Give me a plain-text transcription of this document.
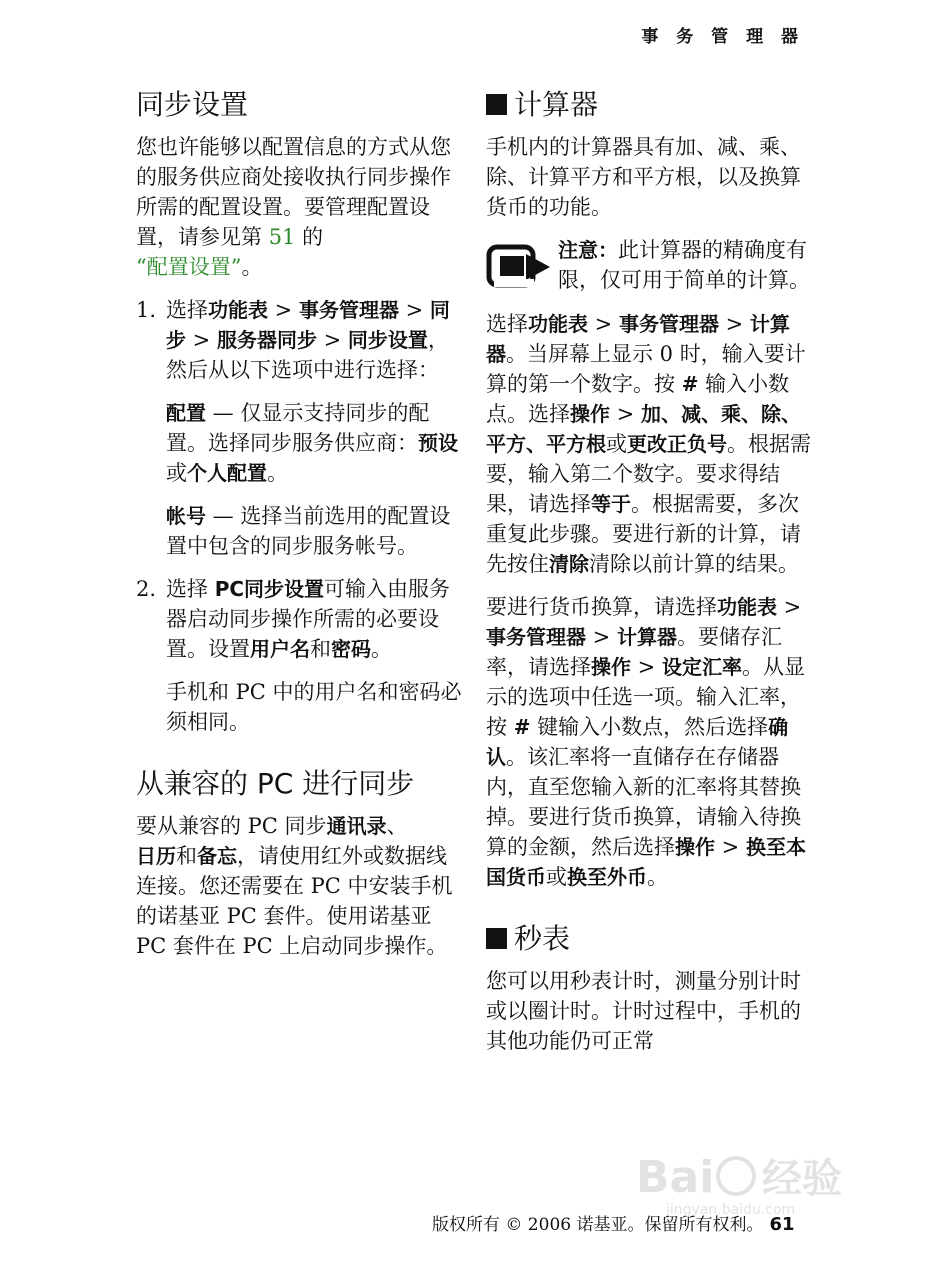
事 务 管 理 器
同步设置

您也许能够以配置信息的方式从您的服务供应商处接收执行同步操作所需的配置设置。要管理配置设置，请参见第 51 的
“配置设置”。

1. 选择功能表 > 事务管理器 > 同步 > 服务器同步 > 同步设置，然后从以下选项中进行选择：

配置 — 仅显示支持同步的配置。选择同步服务供应商：预设或个人配置。

帐号 — 选择当前选用的配置设置中包含的同步服务帐号。

2. 选择 PC同步设置可输入由服务器启动同步操作所需的必要设置。设置用户名和密码。

手机和 PC 中的用户名和密码必须相同。

从兼容的 PC 进行同步

要从兼容的 PC 同步通讯录、
日历和备忘，请使用红外或数据线连接。您还需要在 PC 中安装手机的诺基亚 PC 套件。使用诺基亚 PC 套件在 PC 上启动同步操作。

计算器

手机内的计算器具有加、减、乘、除、计算平方和平方根，以及换算货币的功能。

注意：此计算器的精确度有限，仅可用于简单的计算。

选择功能表 > 事务管理器 > 计算器。当屏幕上显示 0 时，输入要计算的第一个数字。按 # 输入小数点。选择操作 > 加、减、乘、除、平方、平方根或更改正负号。根据需要，输入第二个数字。要求得结果，请选择等于。根据需要，多次重复此步骤。要进行新的计算，请先按住清除清除以前计算的结果。

要进行货币换算，请选择功能表 > 事务管理器 > 计算器。要储存汇率，请选择操作 > 设定汇率。从显示的选项中任选一项。输入汇率，按 # 键输入小数点，然后选择确认。该汇率将一直储存在存储器内，直至您输入新的汇率将其替换掉。要进行货币换算，请输入待换算的金额，然后选择操作 > 换至本国货币或换至外币。

秒表

您可以用秒表计时，测量分别计时或以圈计时。计时过程中，手机的其他功能仍可正常

Bai 经验
jingyan.baidu.com
版权所有 © 2006 诺基亚。保留所有权利。 61
